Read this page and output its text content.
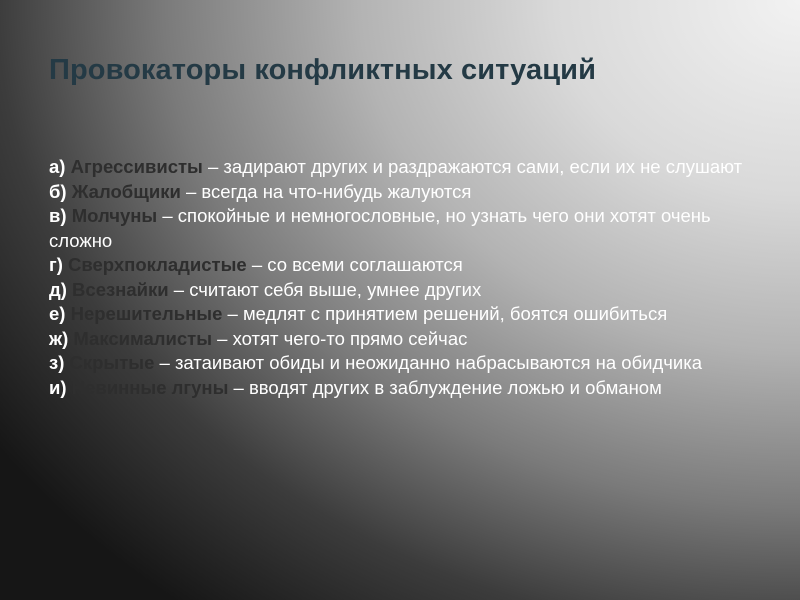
Провокаторы конфликтных ситуаций
а) Агрессивисты – задирают других и раздражаются сами, если их не слушают
б) Жалобщики – всегда на что-нибудь жалуются
в) Молчуны – спокойные и немногословные, но узнать чего они хотят очень сложно
г) Сверхпокладистые – со всеми соглашаются
д) Всезнайки – считают себя выше, умнее других
е) Нерешительные – медлят с принятием решений, боятся ошибиться
ж) Максималисты – хотят чего-то прямо сейчас
з) Скрытые – затаивают обиды и неожиданно набрасываются на обидчика
и) Невинные лгуны – вводят других в заблуждение ложью и обманом
